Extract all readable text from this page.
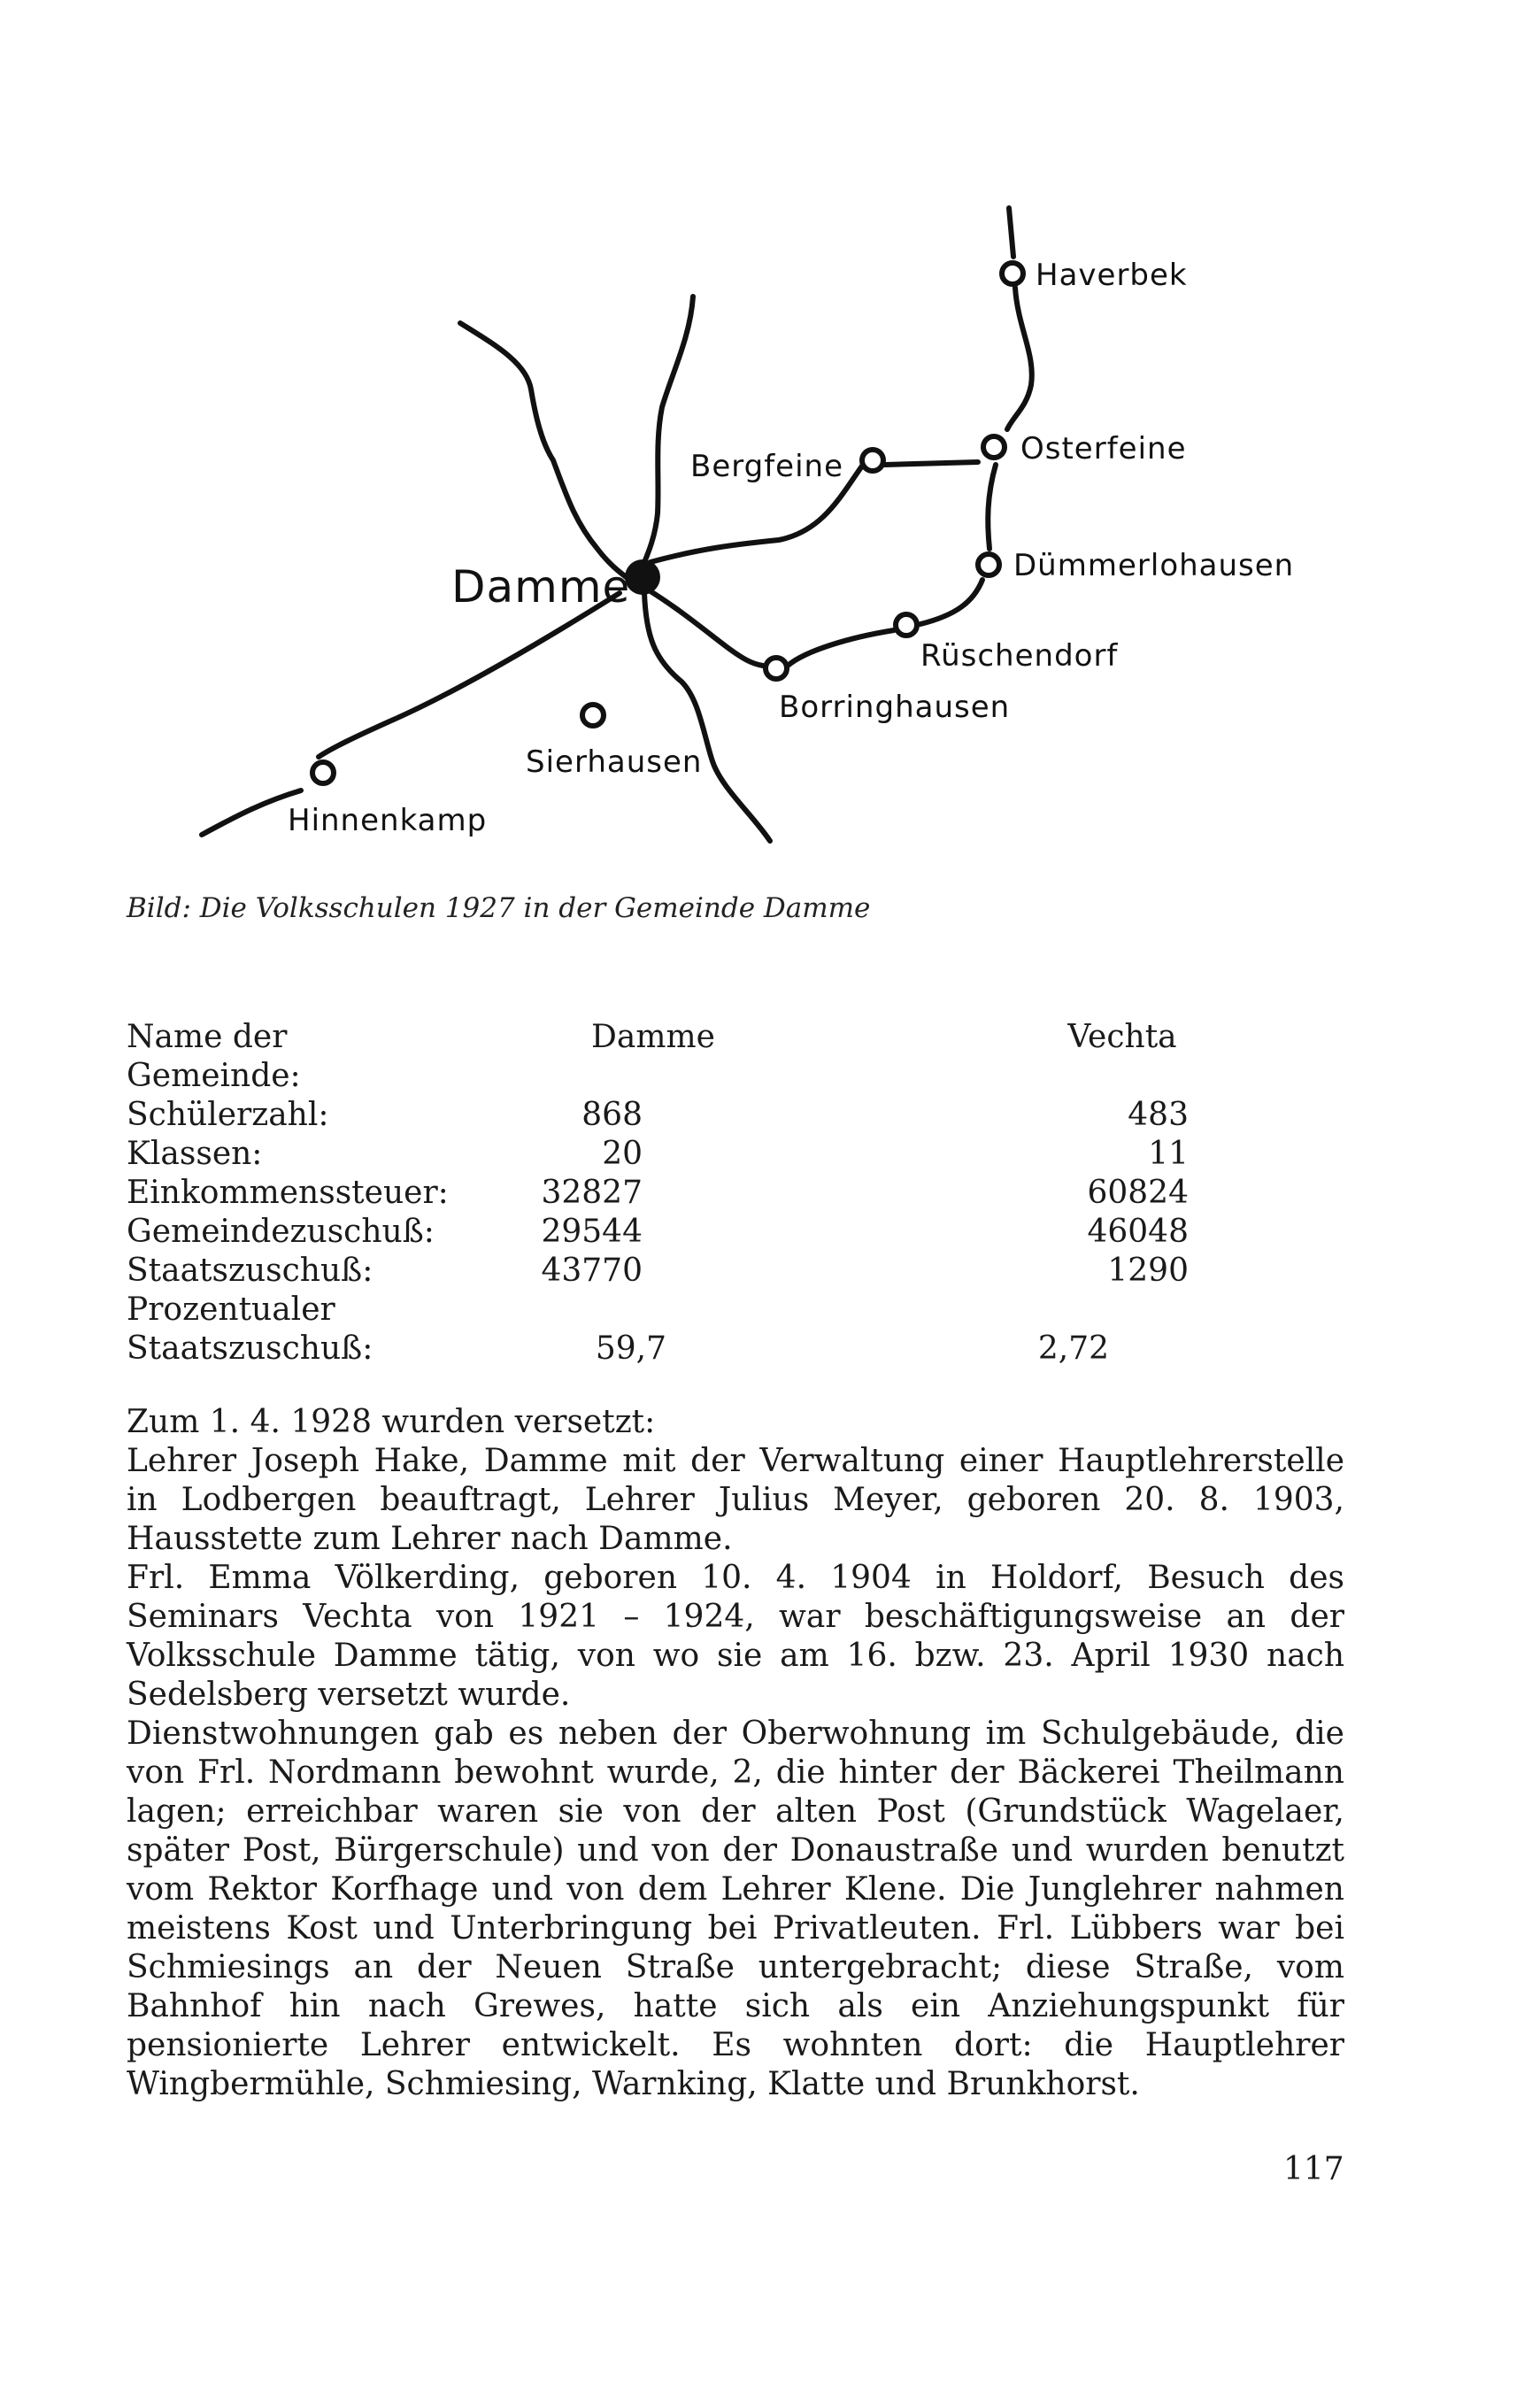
Damme
Haverbek
Bergfeine	Osterfeine
Dümmerlohausen
Rüschendorf
Borringhausen
Sierhausen
Hinnenkamp
Bild: Die Volksschulen 1927 in der Gemeinde Damme
Name der	Damme	Vechta
Gemeinde:
Schülerzahl:	868	483
Klassen:	20	11
Einkommenssteuer:	32827	60824
Gemeindezuschuß:	29544	46048
Staatszuschuß:	43770	1290
Prozentualer
Staatszuschuß:	59,7	2,72

Zum 1. 4. 1928 wurden versetzt:

Lehrer Joseph Hake, Damme mit der Verwaltung einer Hauptlehrerstelle in Lodbergen beauftragt, Lehrer Julius Meyer, geboren 20. 8. 1903, Hausstette zum Lehrer nach Damme.

Frl. Emma Völkerding, geboren 10. 4. 1904 in Holdorf, Besuch des Seminars Vechta von 1921 – 1924, war beschäftigungsweise an der Volksschule Damme tätig, von wo sie am 16. bzw. 23. April 1930 nach Sedelsberg versetzt wurde.

Dienstwohnungen gab es neben der Oberwohnung im Schulgebäude, die von Frl. Nordmann bewohnt wurde, 2, die hinter der Bäckerei Theilmann lagen; erreichbar waren sie von der alten Post (Grundstück Wagelaer, später Post, Bürgerschule) und von der Donaustraße und wurden benutzt vom Rektor Korfhage und von dem Lehrer Klene. Die Junglehrer nahmen meistens Kost und Unterbringung bei Privatleuten. Frl. Lübbers war bei Schmiesings an der Neuen Straße untergebracht; diese Straße, vom Bahnhof hin nach Grewes, hatte sich als ein Anziehungspunkt für pensionierte Lehrer entwickelt. Es wohnten dort: die Hauptlehrer Wingbermühle, Schmiesing, Warnking, Klatte und Brunkhorst.

117
